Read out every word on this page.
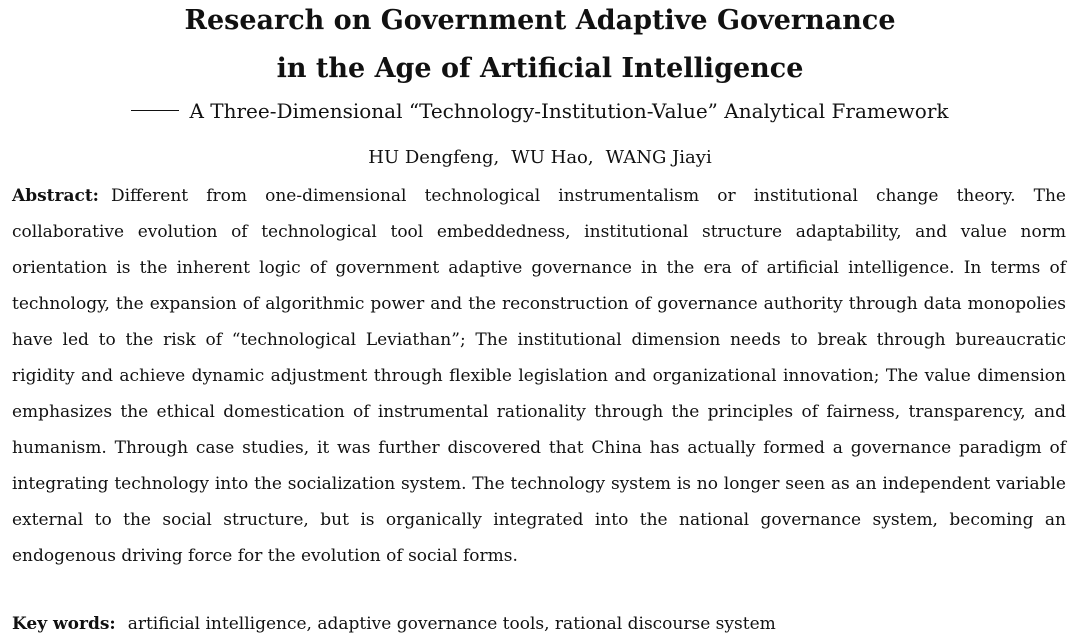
Research on Government Adaptive Governance
in the Age of Artificial Intelligence
A Three-Dimensional “Technology-Institution-Value” Analytical Framework
HU Dengfeng, WU Hao, WANG Jiayi

Abstract: Different from one-dimensional technological instrumentalism or institutional change theory. The collaborative evolution of technological tool embeddedness, institutional structure adaptability, and value norm orientation is the inherent logic of government adaptive governance in the era of artificial intelligence. In terms of technology, the expansion of algorithmic power and the reconstruction of governance authority through data monopolies have led to the risk of “technological Leviathan”; The institutional dimension needs to break through bureaucratic rigidity and achieve dynamic adjustment through flexible legislation and organizational innovation; The value dimension emphasizes the ethical domestication of instrumental rationality through the principles of fairness, transparency, and humanism. Through case studies, it was further discovered that China has actually formed a governance paradigm of integrating technology into the socialization system. The technology system is no longer seen as an independent variable external to the social structure, but is organically integrated into the national governance system, becoming an endogenous driving force for the evolution of social forms.

Key words: artificial intelligence, adaptive governance tools, rational discourse system
